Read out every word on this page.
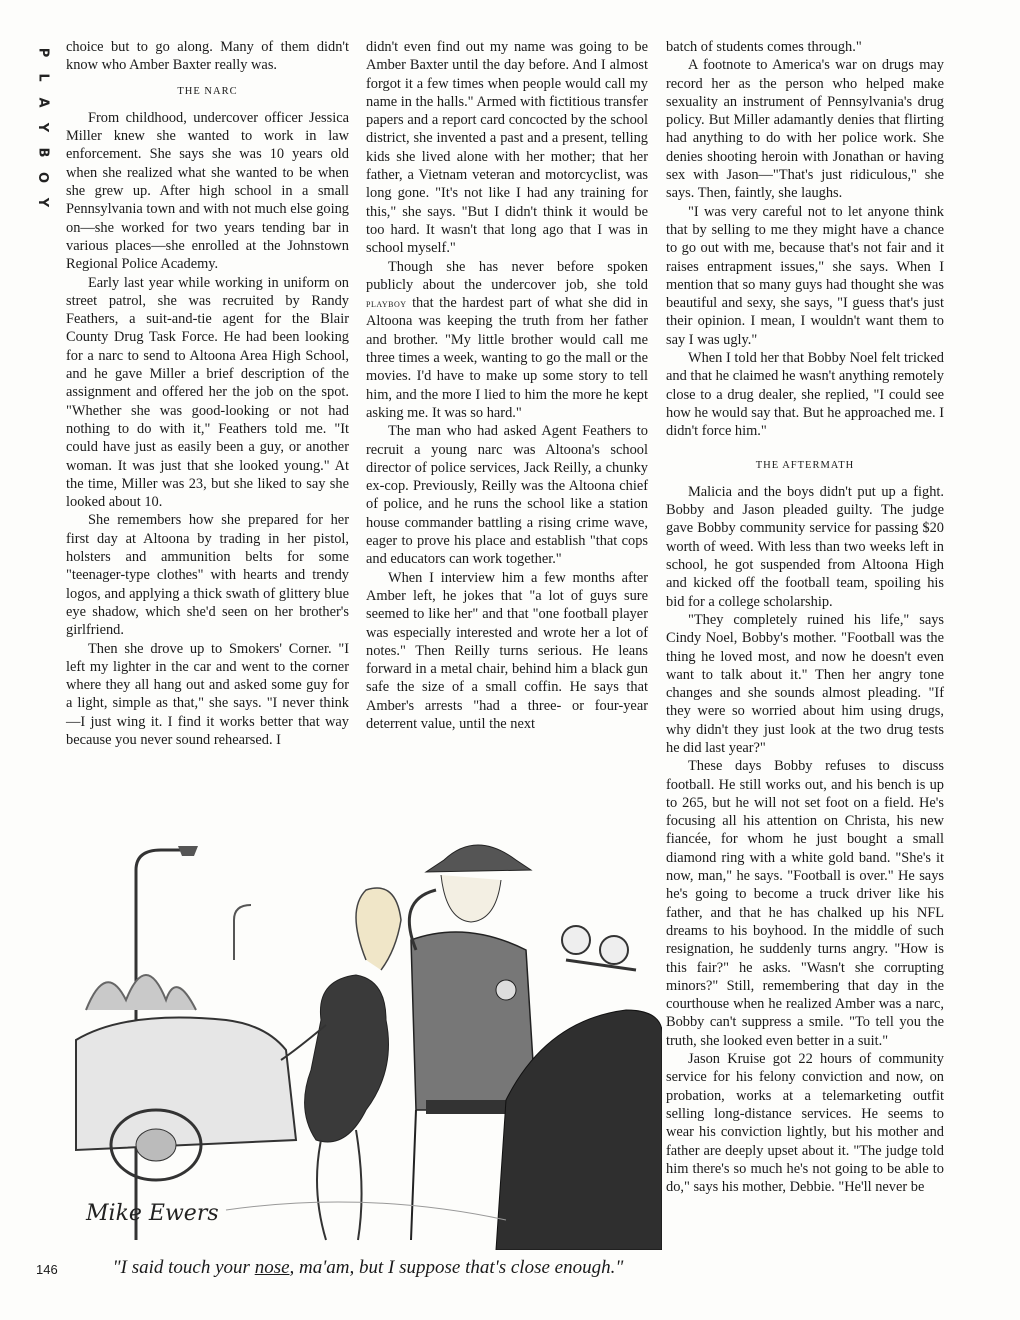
P
L
A
Y
B
O
Y

choice but to go along. Many of them didn't know who Amber Baxter really was.

THE NARC

From childhood, undercover officer Jessica Miller knew she wanted to work in law enforcement. She says she was 10 years old when she realized what she wanted to be when she grew up. After high school in a small Pennsylvania town and with not much else going on—she worked for two years tending bar in various places—she enrolled at the Johnstown Regional Police Academy.

Early last year while working in uniform on street patrol, she was recruited by Randy Feathers, a suit-and-tie agent for the Blair County Drug Task Force. He had been looking for a narc to send to Altoona Area High School, and he gave Miller a brief description of the assignment and offered her the job on the spot. "Whether she was good-looking or not had nothing to do with it," Feathers told me. "It could have just as easily been a guy, or another woman. It was just that she looked young." At the time, Miller was 23, but she liked to say she looked about 10.

She remembers how she prepared for her first day at Altoona by trading in her pistol, holsters and ammunition belts for some "teenager-type clothes" with hearts and trendy logos, and applying a thick swath of glittery blue eye shadow, which she'd seen on her brother's girlfriend.

Then she drove up to Smokers' Corner. "I left my lighter in the car and went to the corner where they all hang out and asked some guy for a light, simple as that," she says. "I never think—I just wing it. I find it works better that way because you never sound rehearsed. I

didn't even find out my name was going to be Amber Baxter until the day before. And I almost forgot it a few times when people would call my name in the halls." Armed with fictitious transfer papers and a report card concocted by the school district, she invented a past and a present, telling kids she lived alone with her mother; that her father, a Vietnam veteran and motorcyclist, was long gone. "It's not like I had any training for this," she says. "But I didn't think it would be too hard. It wasn't that long ago that I was in school myself."

Though she has never before spoken publicly about the undercover job, she told playboy that the hardest part of what she did in Altoona was keeping the truth from her father and brother. "My little brother would call me three times a week, wanting to go the mall or the movies. I'd have to make up some story to tell him, and the more I lied to him the more he kept asking me. It was so hard."

The man who had asked Agent Feathers to recruit a young narc was Altoona's school director of police services, Jack Reilly, a chunky ex-cop. Previously, Reilly was the Altoona chief of police, and he runs the school like a station house commander battling a rising crime wave, eager to prove his place and establish "that cops and educators can work together."

When I interview him a few months after Amber left, he jokes that "a lot of guys sure seemed to like her" and that "one football player was especially interested and wrote her a lot of notes." Then Reilly turns serious. He leans forward in a metal chair, behind him a black gun safe the size of a small coffin. He says that Amber's arrests "had a three- or four-year deterrent value, until the next

batch of students comes through."

A footnote to America's war on drugs may record her as the person who helped make sexuality an instrument of Pennsylvania's drug policy. But Miller adamantly denies that flirting had anything to do with her police work. She denies shooting heroin with Jonathan or having sex with Jason—"That's just ridiculous," she says. Then, faintly, she laughs.

"I was very careful not to let anyone think that by selling to me they might have a chance to go out with me, because that's not fair and it raises entrapment issues," she says. When I mention that so many guys had thought she was beautiful and sexy, she says, "I guess that's just their opinion. I mean, I wouldn't want them to say I was ugly."

When I told her that Bobby Noel felt tricked and that he claimed he wasn't anything remotely close to a drug dealer, she replied, "I could see how he would say that. But he approached me. I didn't force him."

THE AFTERMATH

Malicia and the boys didn't put up a fight. Bobby and Jason pleaded guilty. The judge gave Bobby community service for passing $20 worth of weed. With less than two weeks left in school, he got suspended from Altoona High and kicked off the football team, spoiling his bid for a college scholarship.

"They completely ruined his life," says Cindy Noel, Bobby's mother. "Football was the thing he loved most, and now he doesn't even want to talk about it." Then her angry tone changes and she sounds almost pleading. "If they were so worried about him using drugs, why didn't they just look at the two drug tests he did last year?"

These days Bobby refuses to discuss football. He still works out, and his bench is up to 265, but he will not set foot on a field. He's focusing all his attention on Christa, his new fiancée, for whom he just bought a small diamond ring with a white gold band. "She's it now, man," he says. "Football is over." He says he's going to become a truck driver like his father, and that he has chalked up his NFL dreams to his boyhood. In the middle of such resignation, he suddenly turns angry. "How is this fair?" he asks. "Wasn't she corrupting minors?" Still, remembering that day in the courthouse when he realized Amber was a narc, Bobby can't suppress a smile. "To tell you the truth, she looked even better in a suit."

Jason Kruise got 22 hours of community service for his felony conviction and now, on probation, works at a telemarketing outfit selling long-distance services. He seems to wear his conviction lightly, but his mother and father are deeply upset about it. "The judge told him there's so much he's not going to be able to do," says his mother, Debbie. "He'll never be

Mike Ewers
"I said touch your nose, ma'am, but I suppose that's close enough."
146
